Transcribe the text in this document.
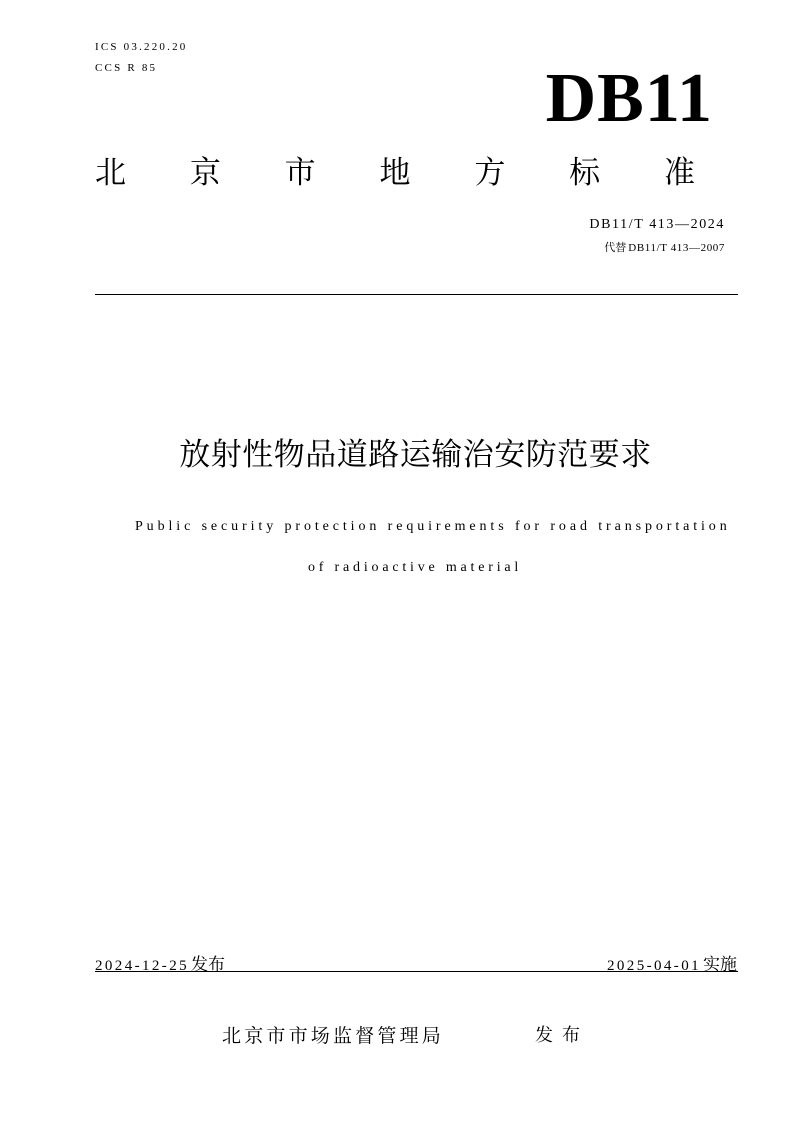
ICS 03.220.20
CCS R 85	DB11
北 京 市 地 方 标 准
DB11/T 413—2024
代替 DB11/T 413—2007
放射性物品道路运输治安防范要求
Public security protection requirements for road transportation
of radioactive material
2024-12-25 发布	2025-04-01 实施
北京市市场监督管理局	发布
